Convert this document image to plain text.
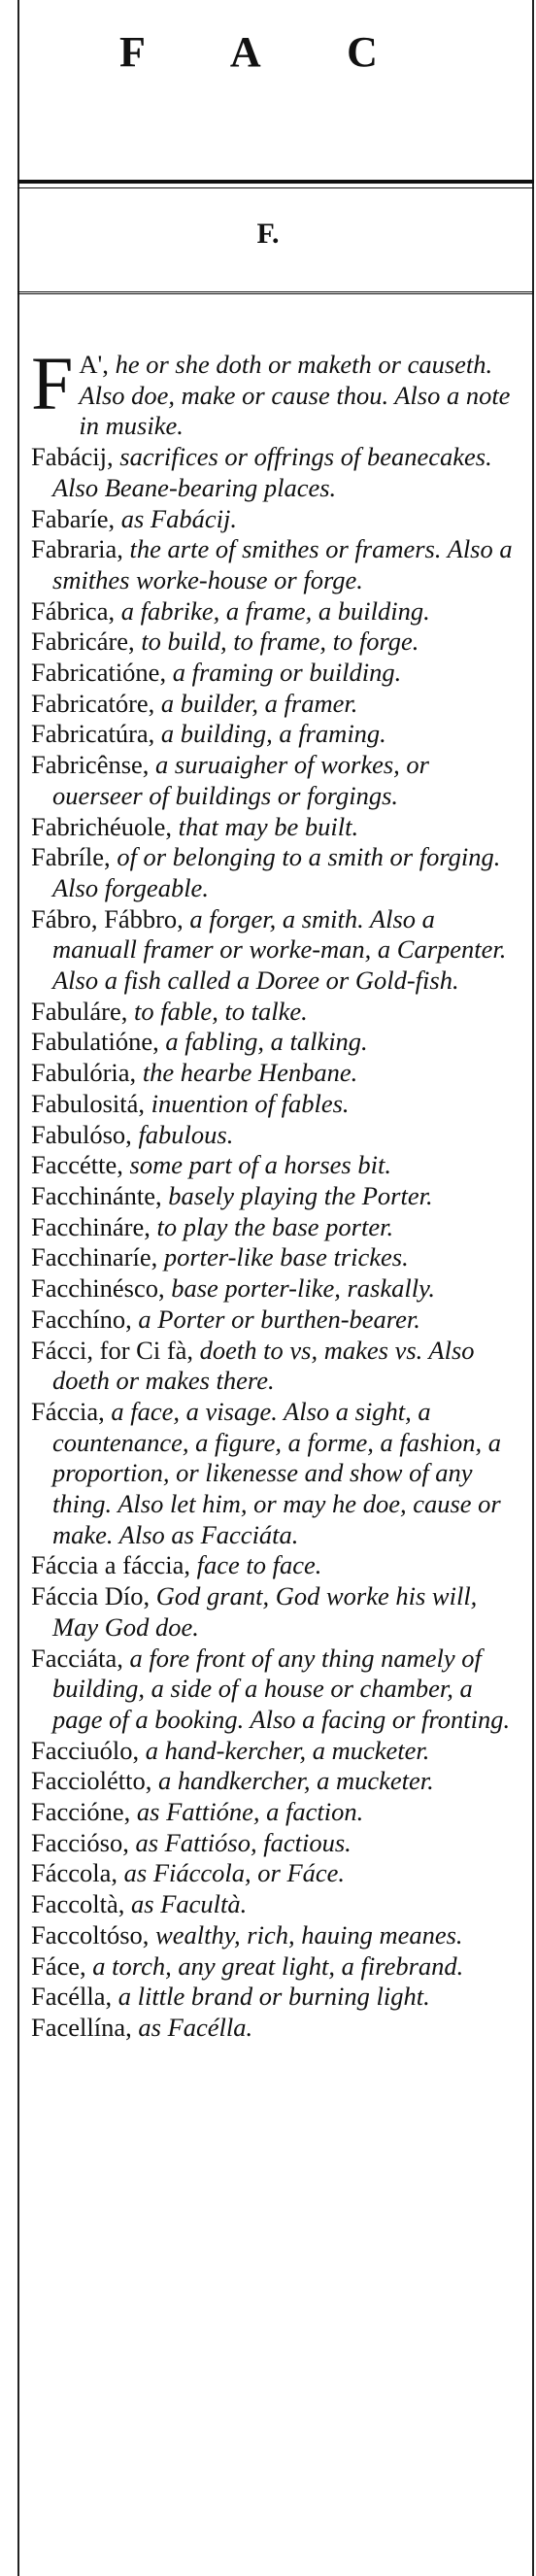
F A C
F.

F A', he or she doth or maketh or causeth. Also doe, make or cause thou. Also a note in musike.

Fabácij, sacrifices or offrings of beanecakes. Also Beane-bearing places.

Fabaríe, as Fabácij.

Fabraria, the arte of smithes or framers. Also a smithes worke-house or forge.

Fábrica, a fabrike, a frame, a building.

Fabricáre, to build, to frame, to forge.

Fabricatióne, a framing or building.

Fabricatóre, a builder, a framer.

Fabricatúra, a building, a framing.

Fabricênse, a suruaigher of workes, or ouerseer of buildings or forgings.

Fabrichéuole, that may be built.

Fabríle, of or belonging to a smith or forging. Also forgeable.

Fábro, Fábbro, a forger, a smith. Also a manuall framer or worke-man, a Carpenter. Also a fish called a Doree or Gold-fish.

Fabuláre, to fable, to talke.

Fabulatióne, a fabling, a talking.

Fabulória, the hearbe Henbane.

Fabulositá, inuention of fables.

Fabulóso, fabulous.

Faccétte, some part of a horses bit.

Facchinánte, basely playing the Porter.

Facchináre, to play the base porter.

Facchinaríe, porter-like base trickes.

Facchinésco, base porter-like, raskally.

Facchíno, a Porter or burthen-bearer.

Fácci, for Ci fà, doeth to vs, makes vs. Also doeth or makes there.

Fáccia, a face, a visage. Also a sight, a countenance, a figure, a forme, a fashion, a proportion, or likenesse and show of any thing. Also let him, or may he doe, cause or make. Also as Facciáta.

Fáccia a fáccia, face to face.

Fáccia Dío, God grant, God worke his will, May God doe.

Facciáta, a fore front of any thing namely of building, a side of a house or chamber, a page of a booking. Also a facing or fronting.

Facciuólo, a hand-kercher, a mucketer.

Facciolétto, a handkercher, a mucketer.

Faccióne, as Fattióne, a faction.

Faccióso, as Fattióso, factious.

Fáccola, as Fiáccola, or Fáce.

Faccoltà, as Facultà.

Faccoltóso, wealthy, rich, hauing meanes.

Fáce, a torch, any great light, a firebrand.

Facélla, a little brand or burning light.

Facellína, as Facélla.
